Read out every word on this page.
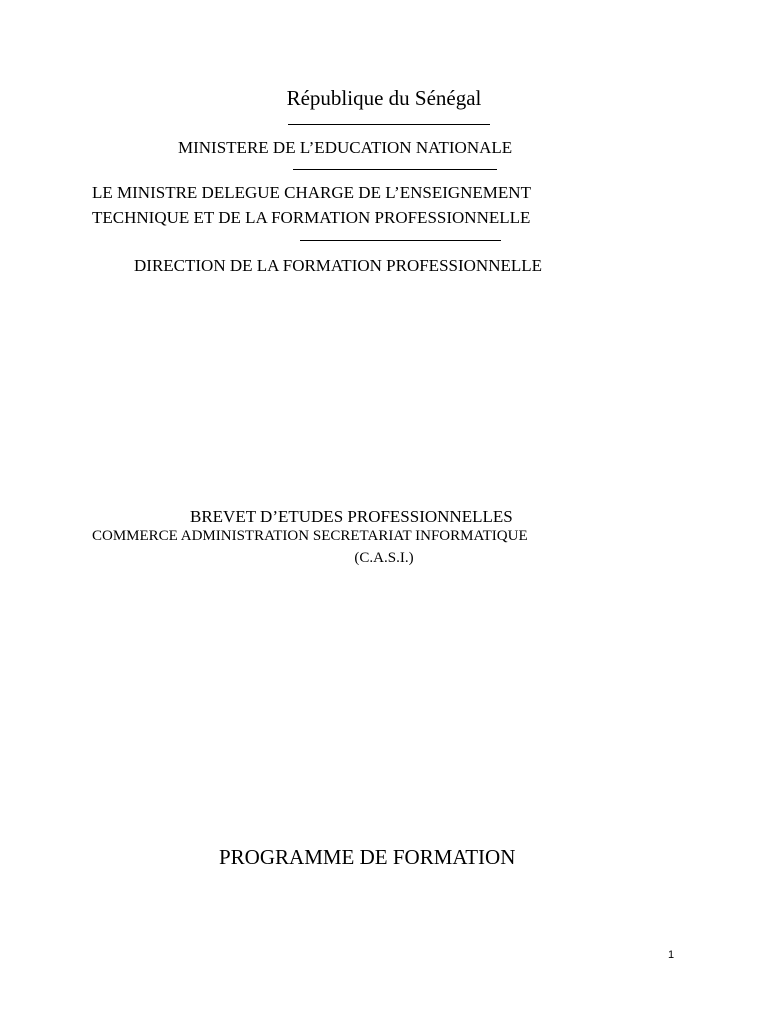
République du Sénégal
MINISTERE DE L’EDUCATION NATIONALE
LE MINISTRE DELEGUE CHARGE DE L’ENSEIGNEMENT
TECHNIQUE ET DE LA FORMATION PROFESSIONNELLE
DIRECTION DE LA FORMATION PROFESSIONNELLE
BREVET D’ETUDES PROFESSIONNELLES
COMMERCE ADMINISTRATION SECRETARIAT INFORMATIQUE
(C.A.S.I.)
PROGRAMME DE FORMATION
1
